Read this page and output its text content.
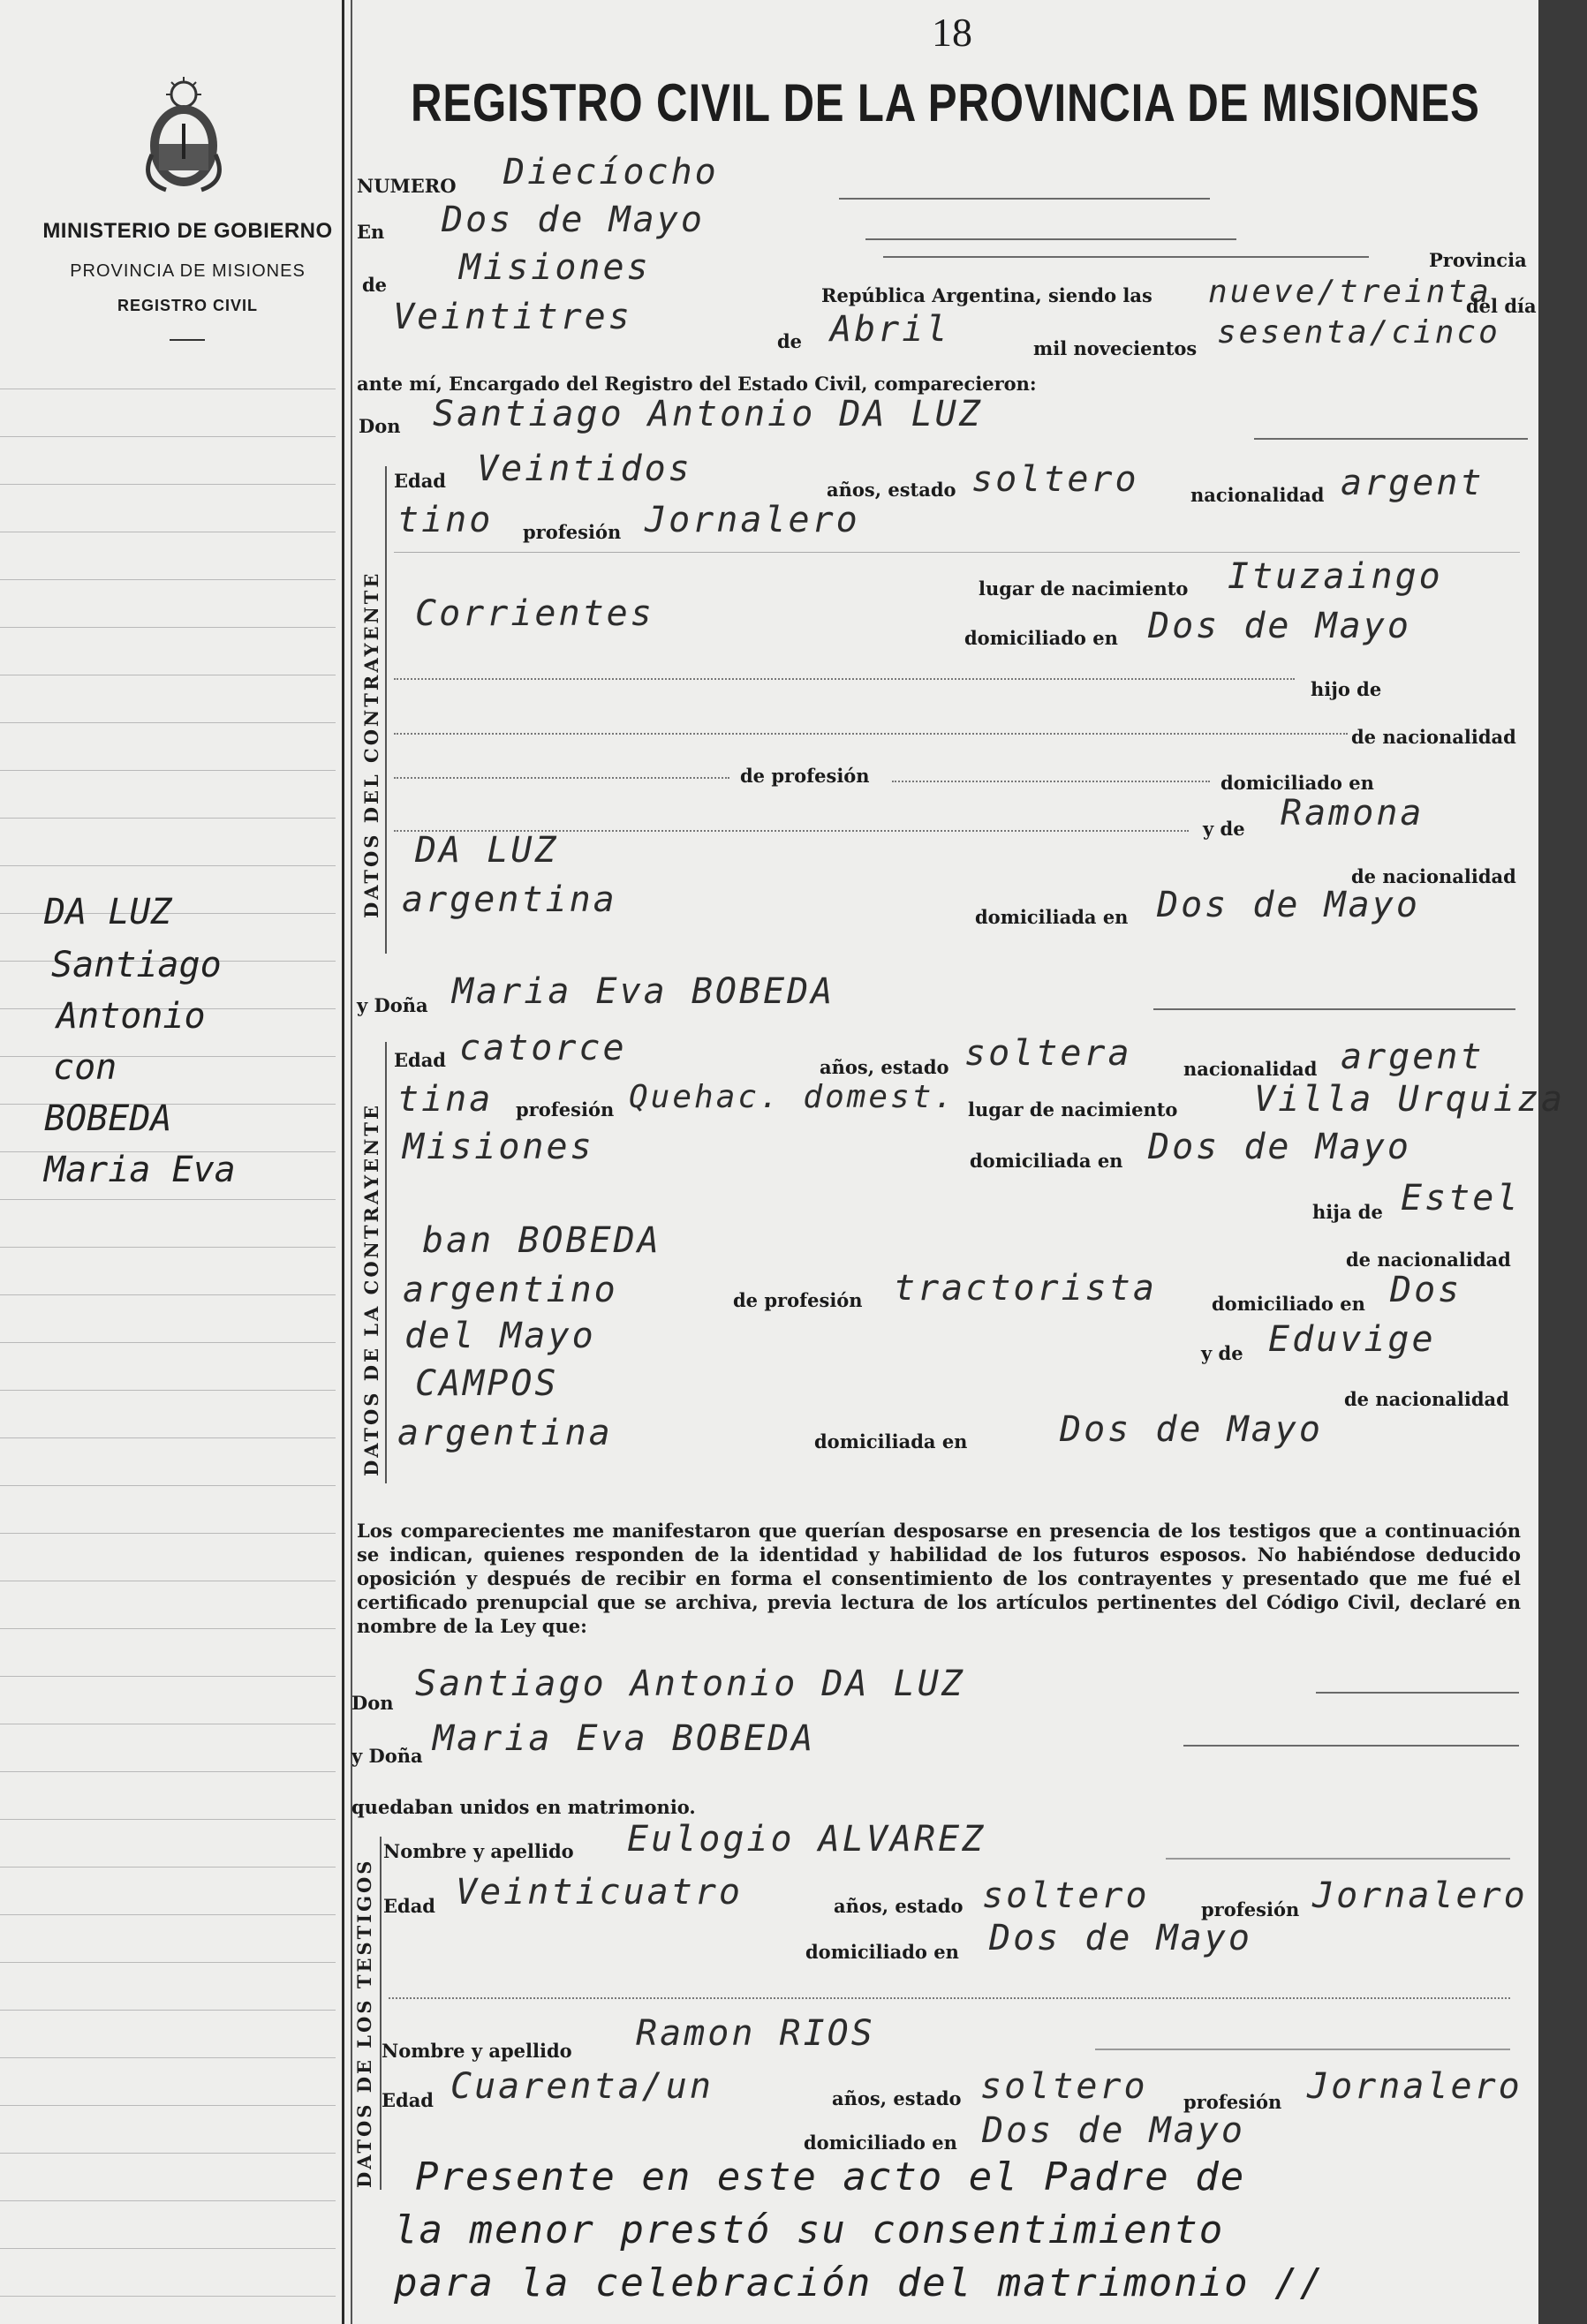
MINISTERIO DE GOBIERNO
PROVINCIA DE MISIONES
REGISTRO CIVIL
DA LUZ
Santiago
Antonio
con
BOBEDA
Maria Eva
18
REGISTRO CIVIL DE LA PROVINCIA DE MISIONES
NUMERO Diecíocho
En Dos de Mayo
Provincia
de Misiones
República Argentina, siendo las nueve/treinta
del día
Veintitres
de Abril	mil novecientos sesenta/cinco
ante mí, Encargado del Registro del Estado Civil, comparecieron:
Don Santiago Antonio DA LUZ
DATOS DEL CONTRAYENTE
Edad Veintidos
años, estado soltero	nacionalidad argent
tino profesión Jornalero
lugar de nacimiento Ituzaingo
Corrientes
domiciliado en Dos de Mayo
hijo de
de nacionalidad
de profesión	domiciliado en
y de Ramona
DA LUZ
de nacionalidad
argentina	domiciliada en Dos de Mayo
y Doña Maria Eva BOBEDA
DATOS DE LA CONTRAYENTE
Edad catorce	años, estado soltera	nacionalidad argent
tina profesión Quehac. domest. lugar de nacimiento Villa Urquiza
Misiones	domiciliada en Dos de Mayo
hija de Estel
ban BOBEDA	de nacionalidad
argentino	de profesión tractorista	domiciliado en Dos
del Mayo	y de Eduvige
CAMPOS	de nacionalidad
argentina	domiciliada en	Dos de Mayo
Los comparecientes me manifestaron que querían desposarse en presencia de los testigos que a continuación se indican, quienes responden de la identidad y habilidad de los futuros esposos. No habiéndose deducido oposición y después de recibir en forma el consentimiento de los contrayentes y presentado que me fué el certificado prenupcial que se archiva, previa lectura de los artículos pertinentes del Código Civil, declaré en nombre de la Ley que:
Don Santiago Antonio DA LUZ
y Doña Maria Eva BOBEDA
quedaban unidos en matrimonio.
DATOS DE LOS TESTIGOS
Nombre y apellido Eulogio ALVAREZ
Edad Veinticuatro	años, estado soltero	profesión Jornalero
domiciliado en Dos de Mayo
Nombre y apellido Ramon RIOS
Edad Cuarenta/un	años, estado soltero profesión Jornalero
domiciliado en Dos de Mayo
Presente en este acto el Padre de
la menor prestó su consentimiento
para la celebración del matrimonio //
